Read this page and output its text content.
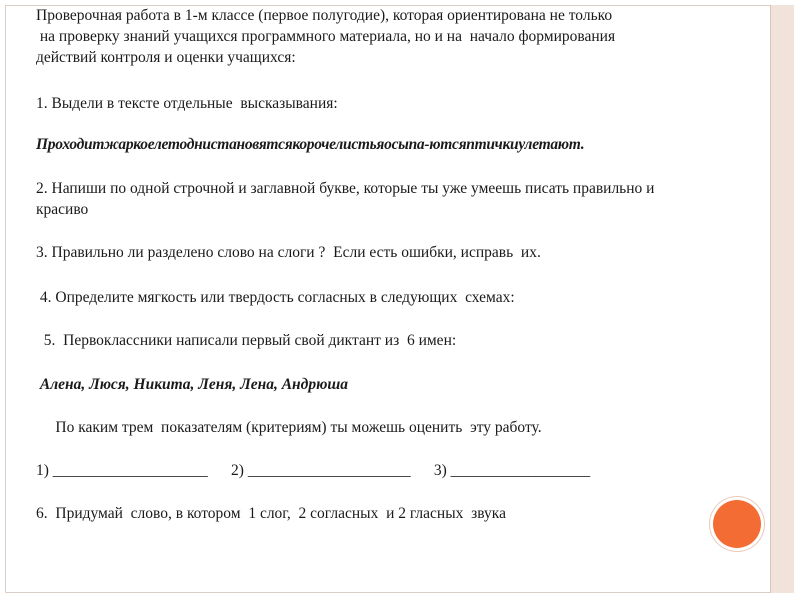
Проверочная работа в 1-м классе (первое полугодие), которая ориентирована не только
на проверку знаний учащихся программного материала, но и на  начало формирования
действий контроля и оценки учащихся:
1. Выдели в тексте отдельные  высказывания:
Проходитжаркоелетоднистановятсякорочелистьяосыпа-ютсяптичкиулетают.
2. Напиши по одной строчной и заглавной букве, которые ты уже умеешь писать правильно и
красиво
3. Правильно ли разделено слово на слоги ?  Если есть ошибки, исправь  их.
4. Определите мягкость или твердость согласных в следующих  схемах:
5.  Первоклассники написали первый свой диктант из  6 имен:
Алена, Люся, Никита, Леня, Лена, Андрюша
По каким трем  показателям (критериям) ты можешь оценить  эту работу.
1) ____________________      2) _____________________      3) __________________
6.  Придумай  слово, в котором  1 слог,  2 согласных  и 2 гласных  звука
